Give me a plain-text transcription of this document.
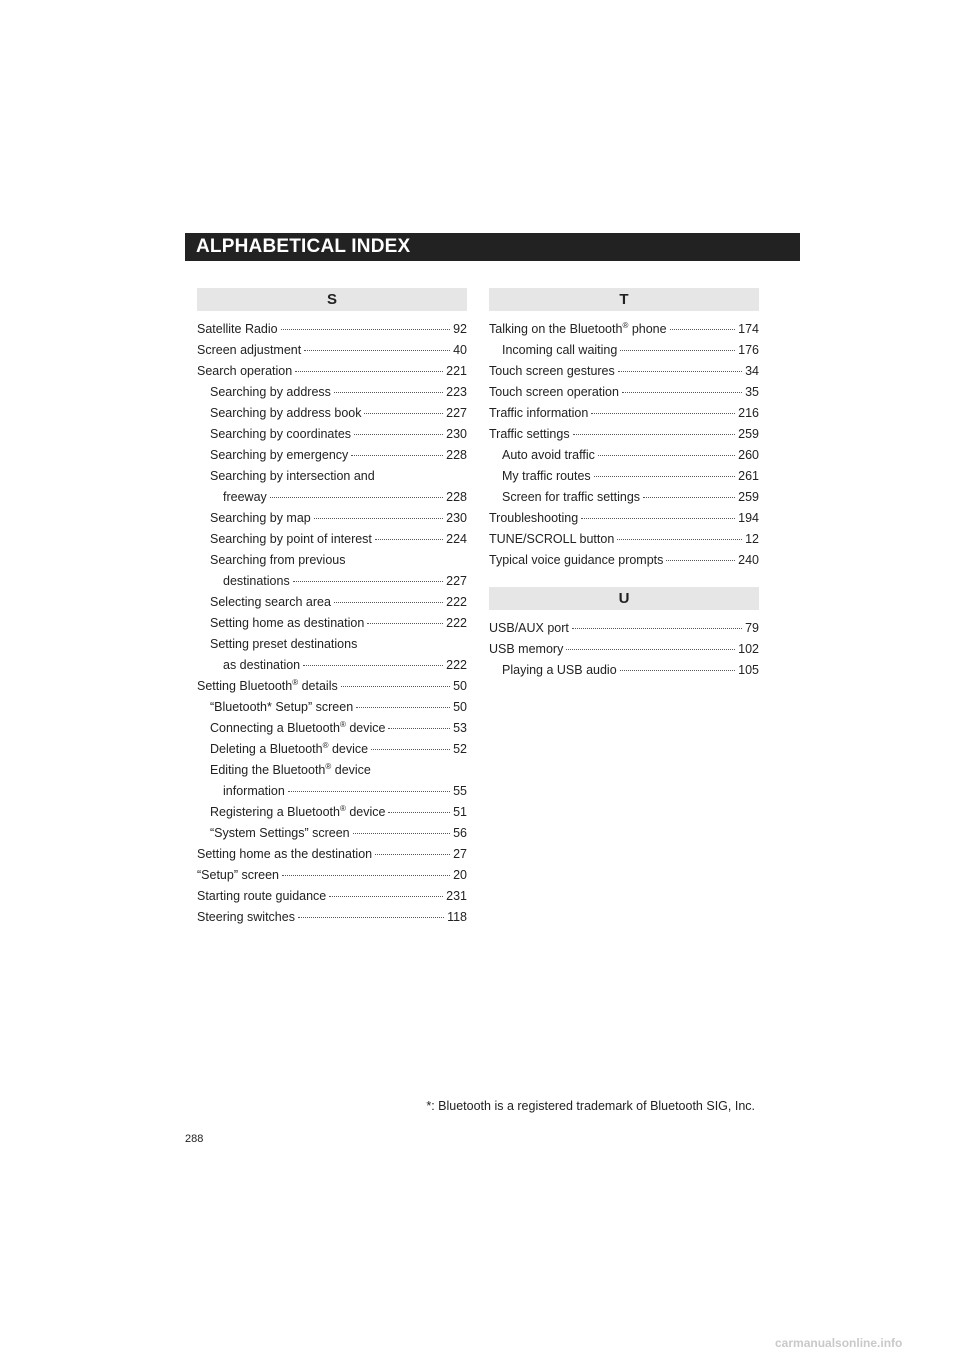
ALPHABETICAL INDEX
S
Satellite Radio	92
Screen adjustment	40
Search operation	221
Searching by address	223
Searching by address book	227
Searching by coordinates	230
Searching by emergency	228
Searching by intersection and
freeway	228
Searching by map	230
Searching by point of interest	224
Searching from previous
destinations	227
Selecting search area	222
Setting home as destination	222
Setting preset destinations
as destination	222
Setting Bluetooth® details	50
“Bluetooth* Setup” screen	50
Connecting a Bluetooth® device	53
Deleting a Bluetooth® device	52
Editing the Bluetooth® device
information	55
Registering a Bluetooth® device	51
“System Settings” screen	56
Setting home as the destination	27
“Setup” screen	20
Starting route guidance	231
Steering switches	118
T
Talking on the Bluetooth® phone	174
Incoming call waiting	176
Touch screen gestures	34
Touch screen operation	35
Traffic information	216
Traffic settings	259
Auto avoid traffic	260
My traffic routes	261
Screen for traffic settings	259
Troubleshooting	194
TUNE/SCROLL button	12
Typical voice guidance prompts	240
U
USB/AUX port	79
USB memory	102
Playing a USB audio	105
*: Bluetooth is a registered trademark of Bluetooth SIG, Inc.
288
carmanualsonline.info
